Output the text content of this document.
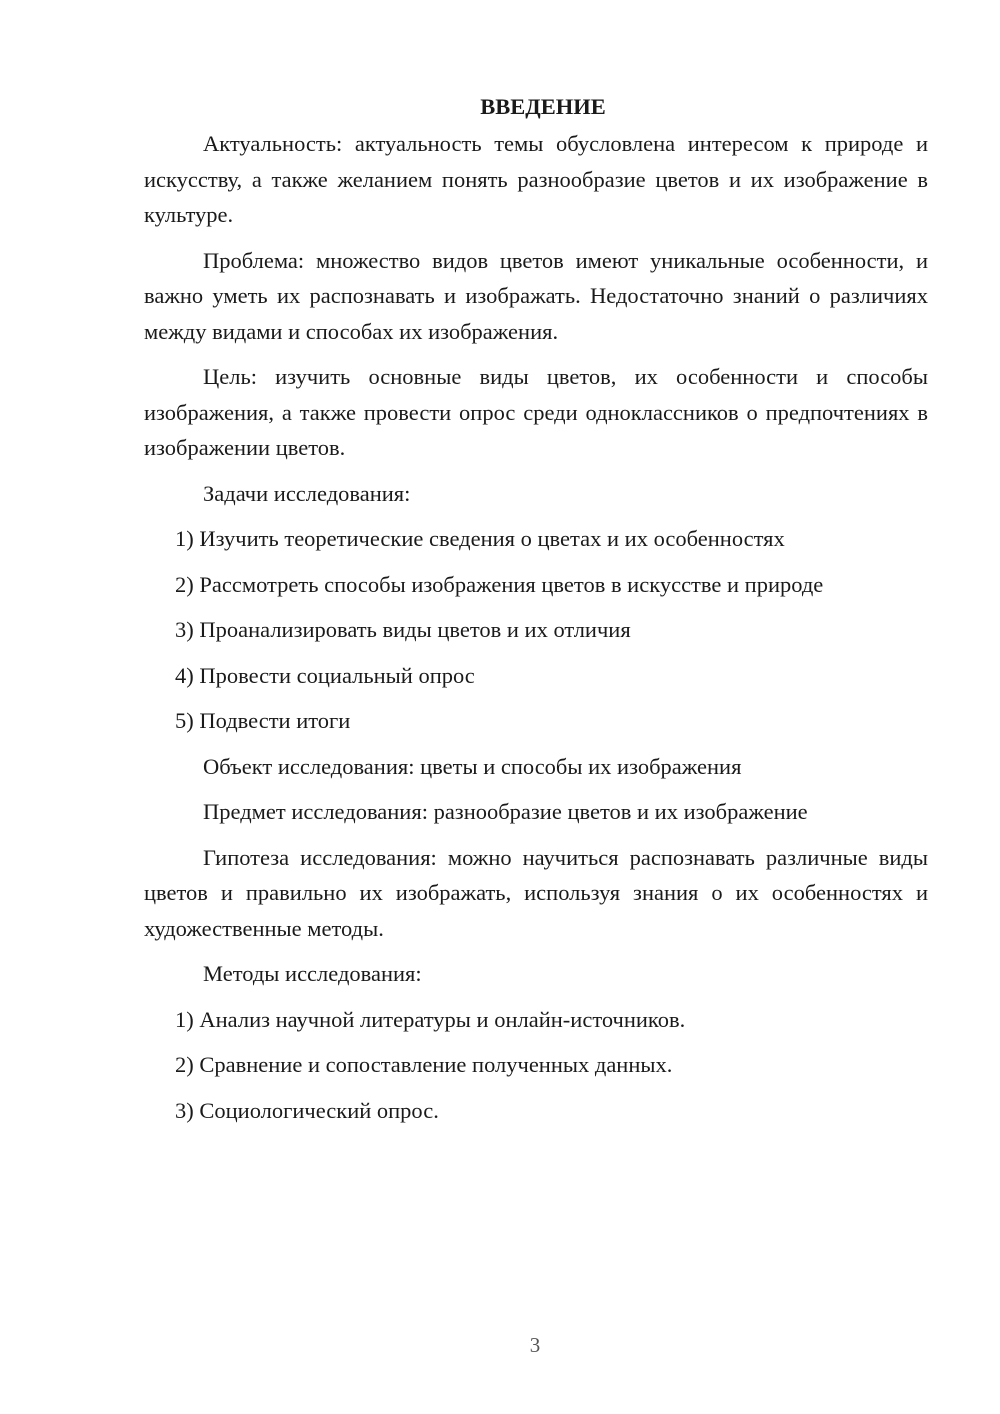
ВВЕДЕНИЕ

Актуальность: актуальность темы обусловлена интересом к природе и искусству, а также желанием понять разнообразие цветов и их изображение в культуре.

Проблема: множество видов цветов имеют уникальные особенности, и важно уметь их распознавать и изображать. Недостаточно знаний о различиях между видами и способах их изображения.

Цель: изучить основные виды цветов, их особенности и способы изображения, а также провести опрос среди одноклассников о предпочтениях в изображении цветов.

Задачи исследования:

1) Изучить теоретические сведения о цветах и их особенностях
2) Рассмотреть способы изображения цветов в искусстве и природе
3) Проанализировать виды цветов и их отличия
4) Провести социальный опрос
5) Подвести итоги

Объект исследования: цветы и способы их изображения

Предмет исследования: разнообразие цветов и их изображение

Гипотеза исследования: можно научиться распознавать различные виды цветов и правильно их изображать, используя знания о их особенностях и художественные методы.

Методы исследования:

1) Анализ научной литературы и онлайн-источников.
2) Сравнение и сопоставление полученных данных.
3) Социологический опрос.
3
